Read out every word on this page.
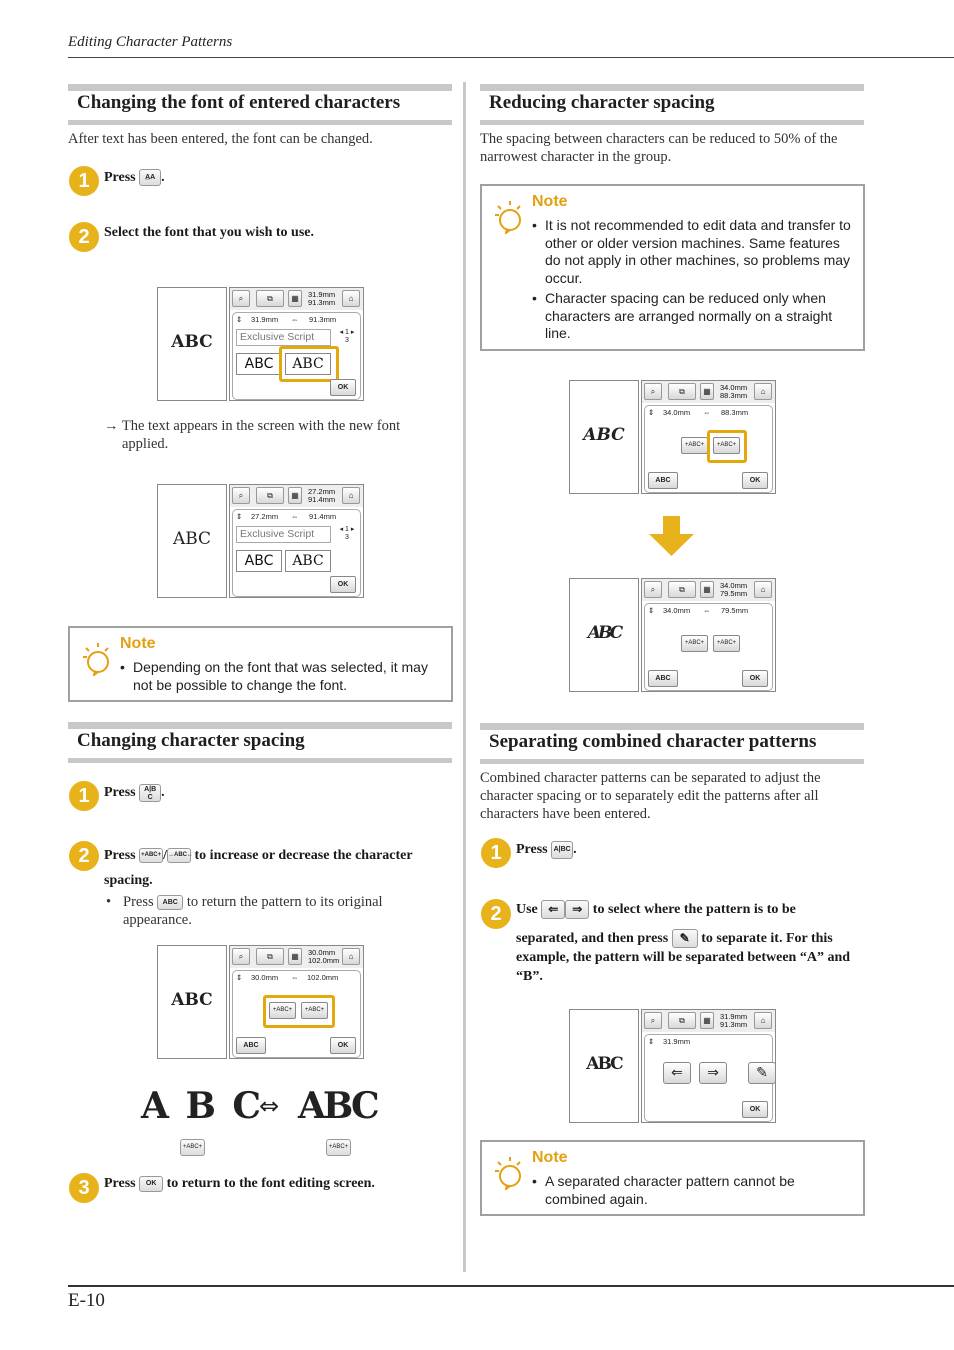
Editing Character Patterns
E-10
Changing the font of entered characters
After text has been entered, the font can be changed.
1	Press A̲A .
2	Select the font that you wish to use.
ABC
⌕	⧉	▦	31.9mm
91.3mm	⌂
⇕ 31.9mm ⇔ 91.3mm
Exclusive Script	◂ 1 ▸
3
ABC	ABC
OK
→ The text appears in the screen with the new font applied.
ABC
⌕	⧉	▦	27.2mm
91.4mm	⌂
⇕ 27.2mm ⇔ 91.4mm
Exclusive Script	◂ 1 ▸
3
ABC	ABC
OK
Note
• Depending on the font that was selected, it may not be possible to change the font.
Changing character spacing
1	Press A|B
C .
2	Press +ABC+ /→ABC← to increase or decrease the character spacing.
• Press ABC to return the pattern to its original appearance.
ABC
⌕	⧉	▦	30.0mm
102.0mm	⌂
⇕ 30.0mm ⇔ 102.0mm
+ABC+	+ABC+
ABC	OK
A B C
⇔ ABC
+ABC+	+ABC+
3	Press OK to return to the font editing screen.
Reducing character spacing
The spacing between characters can be reduced to 50% of the narrowest character in the group.
Note
• It is not recommended to edit data and transfer to other or older version machines. Same features do not apply in other machines, so problems may occur.
• Character spacing can be reduced only when characters are arranged normally on a straight line.
ABC
⌕	⧉	▦	34.0mm
88.3mm	⌂
⇕ 34.0mm ⇔ 88.3mm
+ABC+	+ABC+
ABC	OK
ABC
⌕	⧉	▦	34.0mm
79.5mm	⌂
⇕ 34.0mm ⇔ 79.5mm
+ABC+	+ABC+
ABC	OK
Separating combined character patterns
Combined character patterns can be separated to adjust the character spacing or to separately edit the patterns after all characters have been entered.
1	Press A|BC .
2	Use ⇐ ⇒ to select where the pattern is to be
separated, and then press ✎ to separate it. For this example, the pattern will be separated between “A” and “B”.
ABC
⌕	⧉	▦	31.9mm
91.3mm	⌂
⇕ 31.9mm
⇐	⇒	✎
OK
Note
• A separated character pattern cannot be combined again.
